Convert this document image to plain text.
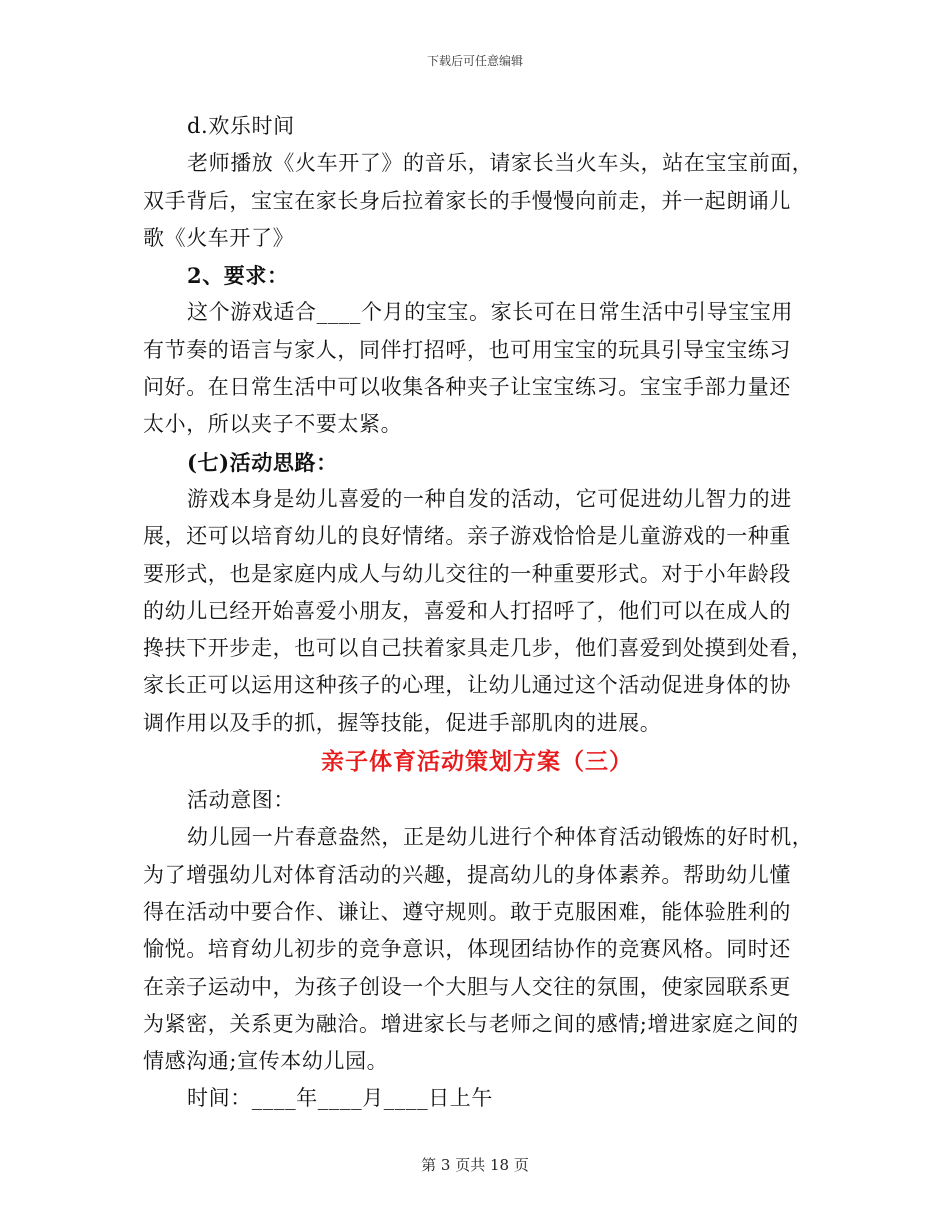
下载后可任意编辑
d.欢乐时间
老师播放《火车开了》的音乐，请家长当火车头，站在宝宝前面，
双手背后，宝宝在家长身后拉着家长的手慢慢向前走，并一起朗诵儿
歌《火车开了》
2、要求：
这个游戏适合____个月的宝宝。家长可在日常生活中引导宝宝用
有节奏的语言与家人，同伴打招呼，也可用宝宝的玩具引导宝宝练习
问好。在日常生活中可以收集各种夹子让宝宝练习。宝宝手部力量还
太小，所以夹子不要太紧。
(七)活动思路：
游戏本身是幼儿喜爱的一种自发的活动，它可促进幼儿智力的进
展，还可以培育幼儿的良好情绪。亲子游戏恰恰是儿童游戏的一种重
要形式，也是家庭内成人与幼儿交往的一种重要形式。对于小年龄段
的幼儿已经开始喜爱小朋友，喜爱和人打招呼了，他们可以在成人的
搀扶下开步走，也可以自己扶着家具走几步，他们喜爱到处摸到处看，
家长正可以运用这种孩子的心理，让幼儿通过这个活动促进身体的协
调作用以及手的抓，握等技能，促进手部肌肉的进展。
亲子体育活动策划方案（三）
活动意图：
幼儿园一片春意盎然，正是幼儿进行个种体育活动锻炼的好时机，
为了增强幼儿对体育活动的兴趣，提高幼儿的身体素养。帮助幼儿懂
得在活动中要合作、谦让、遵守规则。敢于克服困难，能体验胜利的
愉悦。培育幼儿初步的竞争意识，体现团结协作的竞赛风格。同时还
在亲子运动中，为孩子创设一个大胆与人交往的氛围，使家园联系更
为紧密，关系更为融洽。增进家长与老师之间的感情;增进家庭之间的
情感沟通;宣传本幼儿园。
时间：____年____月____日上午
第 3 页共 18 页
